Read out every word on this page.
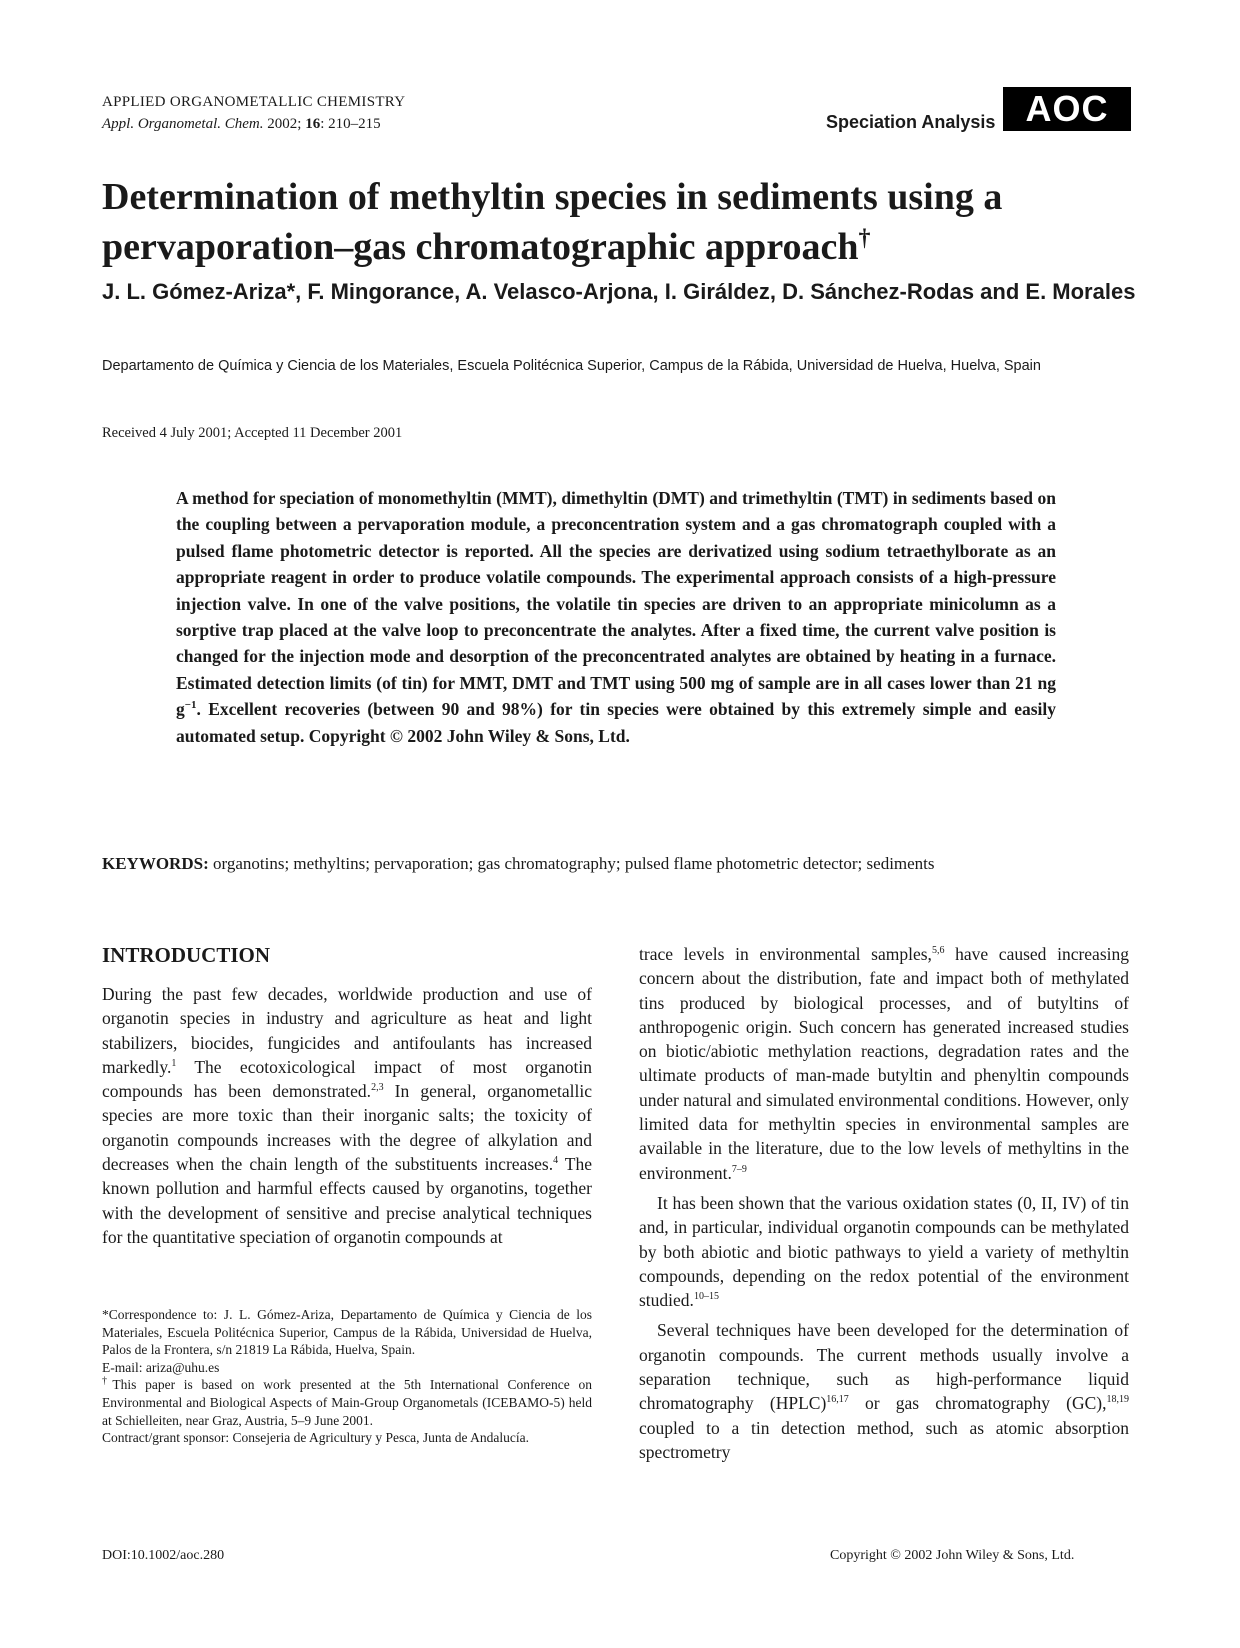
APPLIED ORGANOMETALLIC CHEMISTRY
Appl. Organometal. Chem. 2002; 16: 210–215	Speciation Analysis AOC
Determination of methyltin species in sediments using a pervaporation–gas chromatographic approach†
J. L. Gómez-Ariza*, F. Mingorance, A. Velasco-Arjona, I. Giráldez, D. Sánchez-Rodas and E. Morales
Departamento de Química y Ciencia de los Materiales, Escuela Politécnica Superior, Campus de la Rábida, Universidad de Huelva, Huelva, Spain
Received 4 July 2001; Accepted 11 December 2001
A method for speciation of monomethyltin (MMT), dimethyltin (DMT) and trimethyltin (TMT) in sediments based on the coupling between a pervaporation module, a preconcentration system and a gas chromatograph coupled with a pulsed flame photometric detector is reported. All the species are derivatized using sodium tetraethylborate as an appropriate reagent in order to produce volatile compounds. The experimental approach consists of a high-pressure injection valve. In one of the valve positions, the volatile tin species are driven to an appropriate minicolumn as a sorptive trap placed at the valve loop to preconcentrate the analytes. After a fixed time, the current valve position is changed for the injection mode and desorption of the preconcentrated analytes are obtained by heating in a furnace. Estimated detection limits (of tin) for MMT, DMT and TMT using 500 mg of sample are in all cases lower than 21 ng $g^{-1}$. Excellent recoveries (between 90 and 98%) for tin species were obtained by this extremely simple and easily automated setup. Copyright © 2002 John Wiley & Sons, Ltd.
KEYWORDS: organotins; methyltins; pervaporation; gas chromatography; pulsed flame photometric detector; sediments
INTRODUCTION

During the past few decades, worldwide production and use of organotin species in industry and agriculture as heat and light stabilizers, biocides, fungicides and antifoulants has increased markedly.$^1$ The ecotoxicological impact of most organotin compounds has been demonstrated.$^{2,3}$ In general, organometallic species are more toxic than their inorganic salts; the toxicity of organotin compounds increases with the degree of alkylation and decreases when the chain length of the substituents increases.$^4$ The known pollution and harmful effects caused by organotins, together with the development of sensitive and precise analytical techniques for the quantitative speciation of organotin compounds at

trace levels in environmental samples,$^{5,6}$ have caused increasing concern about the distribution, fate and impact both of methylated tins produced by biological processes, and of butyltins of anthropogenic origin. Such concern has generated increased studies on biotic/abiotic methylation reactions, degradation rates and the ultimate products of man-made butyltin and phenyltin compounds under natural and simulated environmental conditions. However, only limited data for methyltin species in environmental samples are available in the literature, due to the low levels of methyltins in the environment.$^{7-9}$

It has been shown that the various oxidation states (0, II, IV) of tin and, in particular, individual organotin compounds can be methylated by both abiotic and biotic pathways to yield a variety of methyltin compounds, depending on the redox potential of the environment studied.$^{10-15}$

Several techniques have been developed for the determination of organotin compounds. The current methods usually involve a separation technique, such as high-performance liquid chromatography (HPLC)$^{16,17}$ or gas chromatography (GC),$^{18,19}$ coupled to a tin detection method, such as atomic absorption spectrometry

*Correspondence to: J. L. Gómez-Ariza, Departamento de Química y Ciencia de los Materiales, Escuela Politécnica Superior, Campus de la Rábida, Universidad de Huelva, Palos de la Frontera, s/n 21819 La Rábida, Huelva, Spain.
E-mail: ariza@uhu.es
†This paper is based on work presented at the 5th International Conference on Environmental and Biological Aspects of Main-Group Organometals (ICEBAMO-5) held at Schielleiten, near Graz, Austria, 5–9 June 2001.
Contract/grant sponsor: Consejeria de Agricultury y Pesca, Junta de Andalucía.
DOI:10.1002/aoc.280	Copyright © 2002 John Wiley & Sons, Ltd.
